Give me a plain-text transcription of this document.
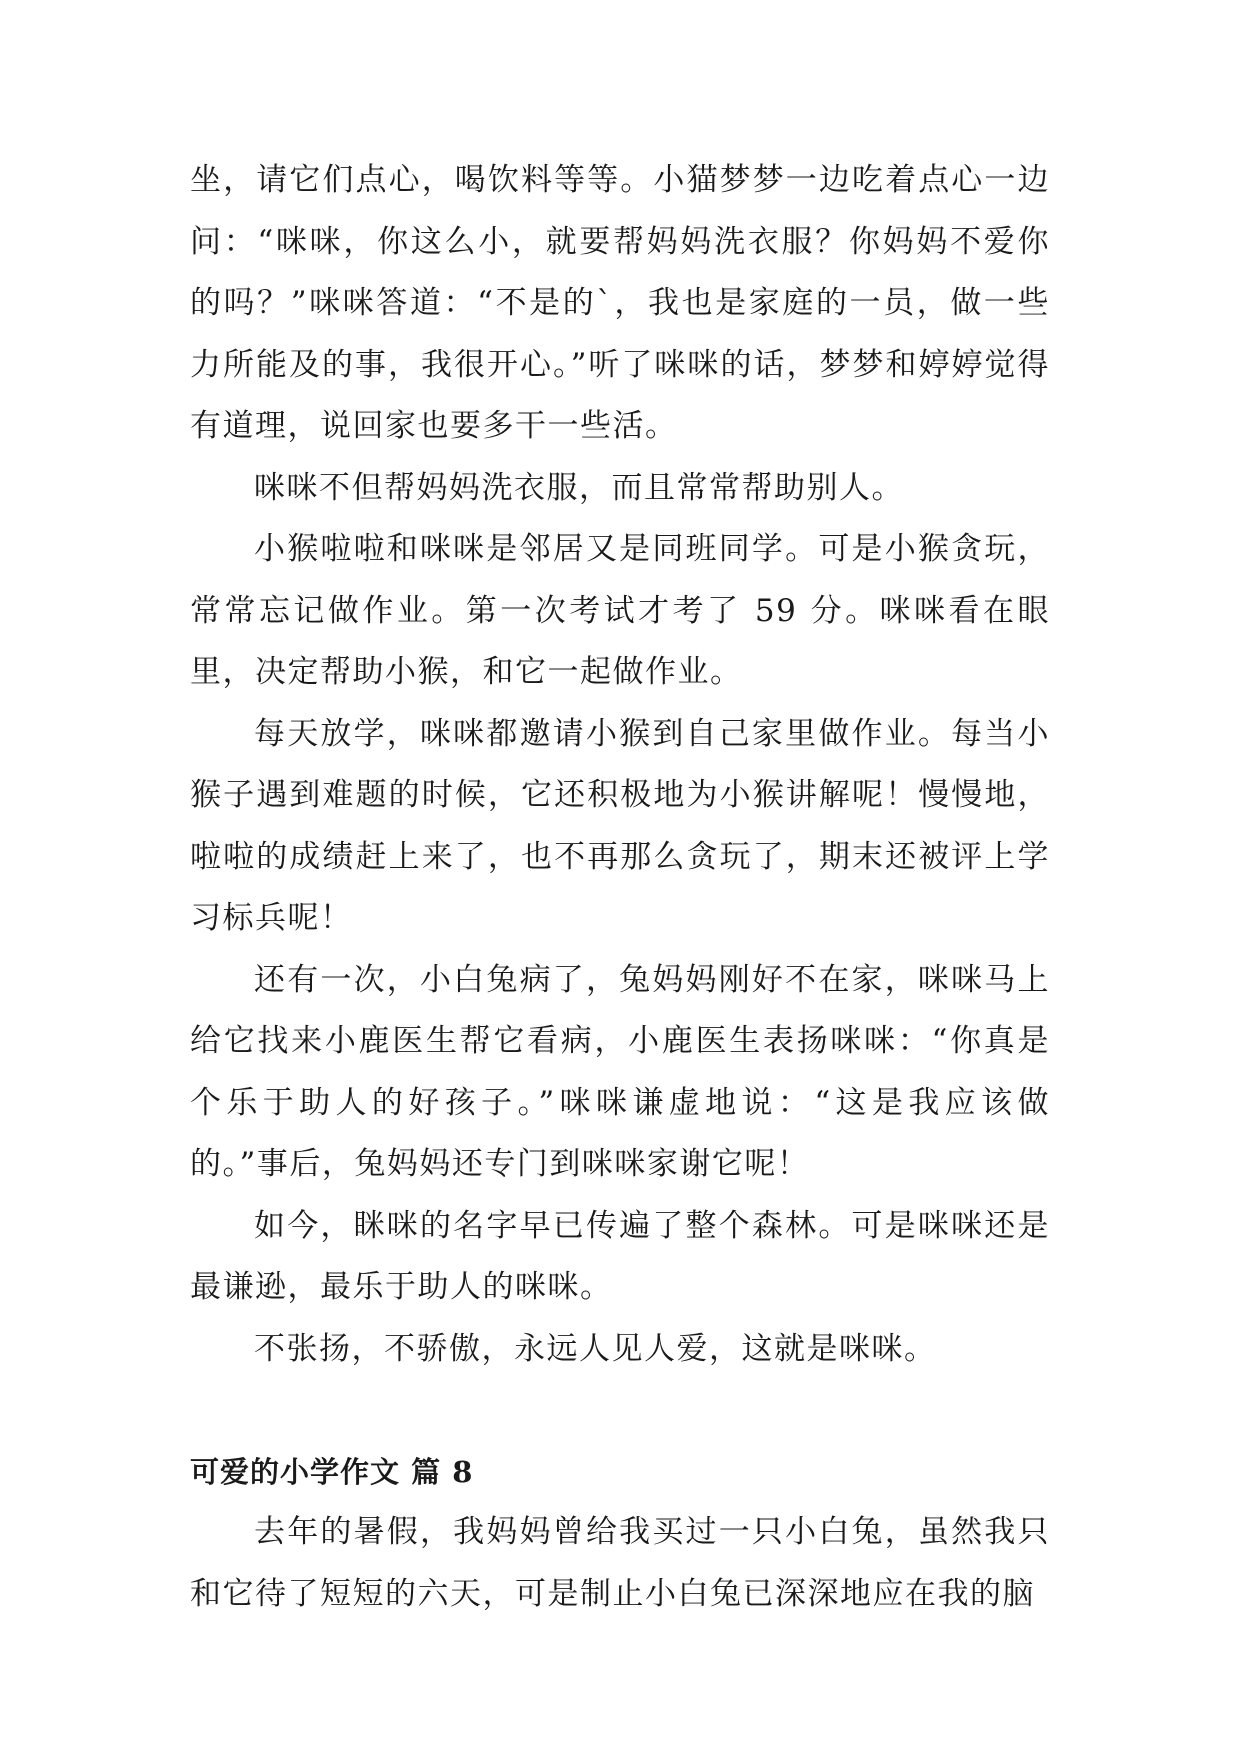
坐，请它们点心，喝饮料等等。小猫梦梦一边吃着点心一边问：“咪咪，你这么小，就要帮妈妈洗衣服？你妈妈不爱你的吗？”咪咪答道：“不是的`，我也是家庭的一员，做一些力所能及的事，我很开心。”听了咪咪的话，梦梦和婷婷觉得有道理，说回家也要多干一些活。

咪咪不但帮妈妈洗衣服，而且常常帮助别人。

小猴啦啦和咪咪是邻居又是同班同学。可是小猴贪玩，常常忘记做作业。第一次考试才考了 59 分。咪咪看在眼里，决定帮助小猴，和它一起做作业。

每天放学，咪咪都邀请小猴到自己家里做作业。每当小猴子遇到难题的时候，它还积极地为小猴讲解呢！慢慢地，啦啦的成绩赶上来了，也不再那么贪玩了，期末还被评上学习标兵呢！

还有一次，小白兔病了，兔妈妈刚好不在家，咪咪马上给它找来小鹿医生帮它看病，小鹿医生表扬咪咪：“你真是个乐于助人的好孩子。”咪咪谦虚地说：“这是我应该做的。”事后，兔妈妈还专门到咪咪家谢它呢！

如今，眯咪的名字早已传遍了整个森林。可是咪咪还是最谦逊，最乐于助人的咪咪。

不张扬，不骄傲，永远人见人爱，这就是咪咪。

可爱的小学作文 篇 8

去年的暑假，我妈妈曾给我买过一只小白兔，虽然我只和它待了短短的六天，可是制止小白兔已深深地应在我的脑
